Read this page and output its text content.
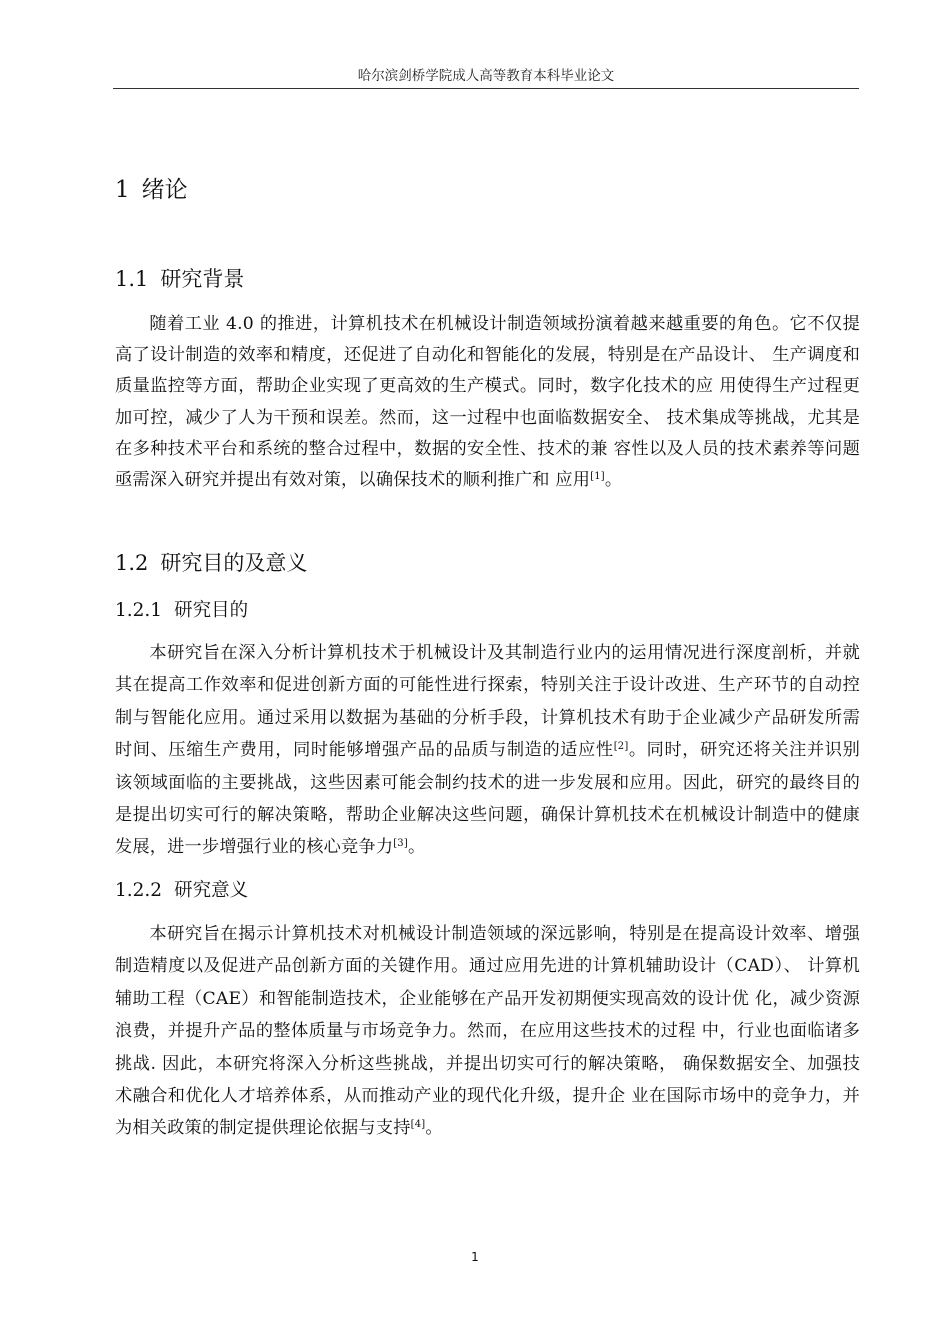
哈尔滨剑桥学院成人高等教育本科毕业论文
1 绪论
1.1 研究背景

随着工业 4.0 的推进，计算机技术在机械设计制造领域扮演着越来越重要的角色。它不仅提高了设计制造的效率和精度，还促进了自动化和智能化的发展，特别是在产品设计、 生产调度和质量监控等方面，帮助企业实现了更高效的生产模式。同时，数字化技术的应 用使得生产过程更加可控，减少了人为干预和误差。然而，这一过程中也面临数据安全、 技术集成等挑战，尤其是在多种技术平台和系统的整合过程中，数据的安全性、技术的兼 容性以及人员的技术素养等问题亟需深入研究并提出有效对策，以确保技术的顺利推广和 应用[1]。

1.2 研究目的及意义
1.2.1 研究目的

本研究旨在深入分析计算机技术于机械设计及其制造行业内的运用情况进行深度剖析，并就其在提高工作效率和促进创新方面的可能性进行探索，特别关注于设计改进、生产环节的自动控制与智能化应用。通过采用以数据为基础的分析手段，计算机技术有助于企业减少产品研发所需时间、压缩生产费用，同时能够增强产品的品质与制造的适应性[2]。同时，研究还将关注并识别该领域面临的主要挑战，这些因素可能会制约技术的进一步发展和应用。因此，研究的最终目的是提出切实可行的解决策略，帮助企业解决这些问题，确保计算机技术在机械设计制造中的健康发展，进一步增强行业的核心竞争力[3]。

1.2.2 研究意义

本研究旨在揭示计算机技术对机械设计制造领域的深远影响，特别是在提高设计效率、增强制造精度以及促进产品创新方面的关键作用。通过应用先进的计算机辅助设计（CAD）、 计算机辅助工程（CAE）和智能制造技术，企业能够在产品开发初期便实现高效的设计优 化，减少资源浪费，并提升产品的整体质量与市场竞争力。然而，在应用这些技术的过程 中，行业也面临诸多挑战. 因此，本研究将深入分析这些挑战，并提出切实可行的解决策略， 确保数据安全、加强技术融合和优化人才培养体系，从而推动产业的现代化升级，提升企 业在国际市场中的竞争力，并为相关政策的制定提供理论依据与支持[4]。

1
